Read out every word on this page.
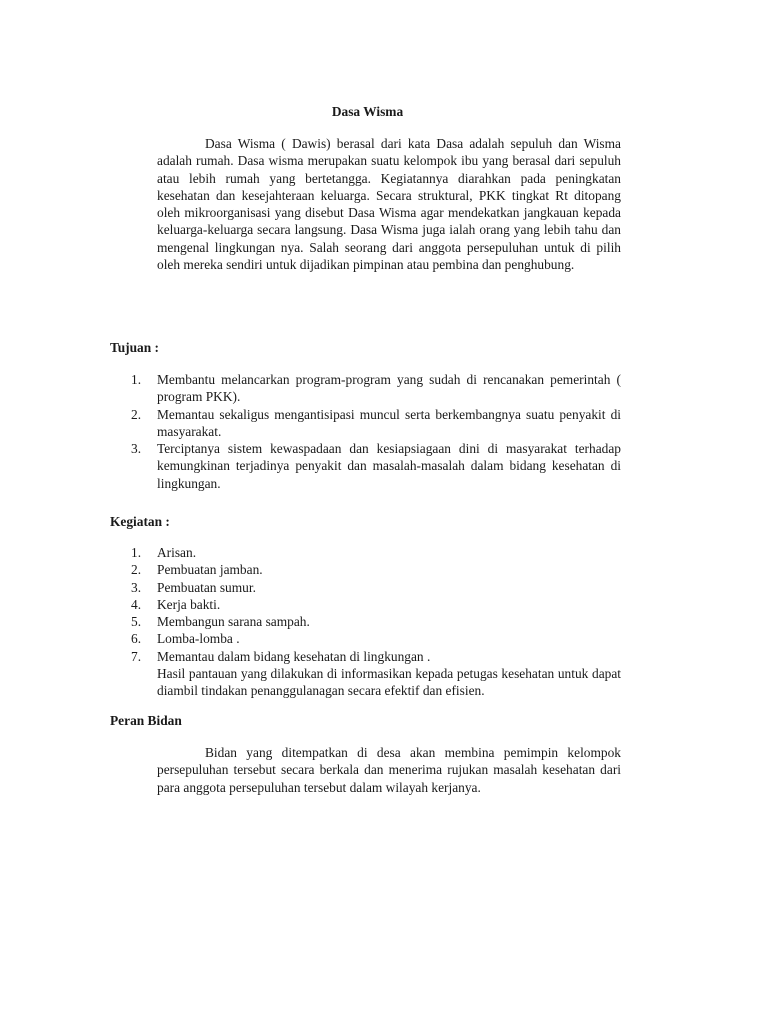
Dasa Wisma

Dasa Wisma ( Dawis) berasal dari kata Dasa adalah sepuluh dan Wisma adalah rumah. Dasa wisma merupakan suatu kelompok ibu yang berasal dari sepuluh atau lebih rumah yang bertetangga. Kegiatannya diarahkan pada peningkatan kesehatan dan kesejahteraan keluarga. Secara struktural, PKK tingkat Rt ditopang oleh mikroorganisasi yang disebut Dasa Wisma agar mendekatkan jangkauan kepada keluarga-keluarga secara langsung. Dasa Wisma juga ialah orang yang lebih tahu dan mengenal lingkungan nya. Salah seorang dari anggota persepuluhan untuk di pilih oleh mereka sendiri untuk dijadikan pimpinan atau pembina dan penghubung.

Tujuan :

1. Membantu melancarkan program-program yang sudah di rencanakan pemerintah ( program PKK).
2. Memantau sekaligus mengantisipasi muncul serta berkembangnya suatu penyakit di masyarakat.
3. Terciptanya sistem kewaspadaan dan kesiapsiagaan dini di masyarakat terhadap kemungkinan terjadinya penyakit dan masalah-masalah dalam bidang kesehatan di lingkungan.

Kegiatan :

1. Arisan.
2. Pembuatan jamban.
3. Pembuatan sumur.
4. Kerja bakti.
5. Membangun sarana sampah.
6. Lomba-lomba .
7. Memantau dalam bidang kesehatan di lingkungan .

Hasil pantauan yang dilakukan di informasikan kepada petugas kesehatan untuk dapat diambil tindakan penanggulanagan secara efektif dan efisien.

Peran Bidan

Bidan yang ditempatkan di desa akan membina pemimpin kelompok persepuluhan tersebut secara berkala dan menerima rujukan masalah kesehatan dari para anggota persepuluhan tersebut dalam wilayah kerjanya.
